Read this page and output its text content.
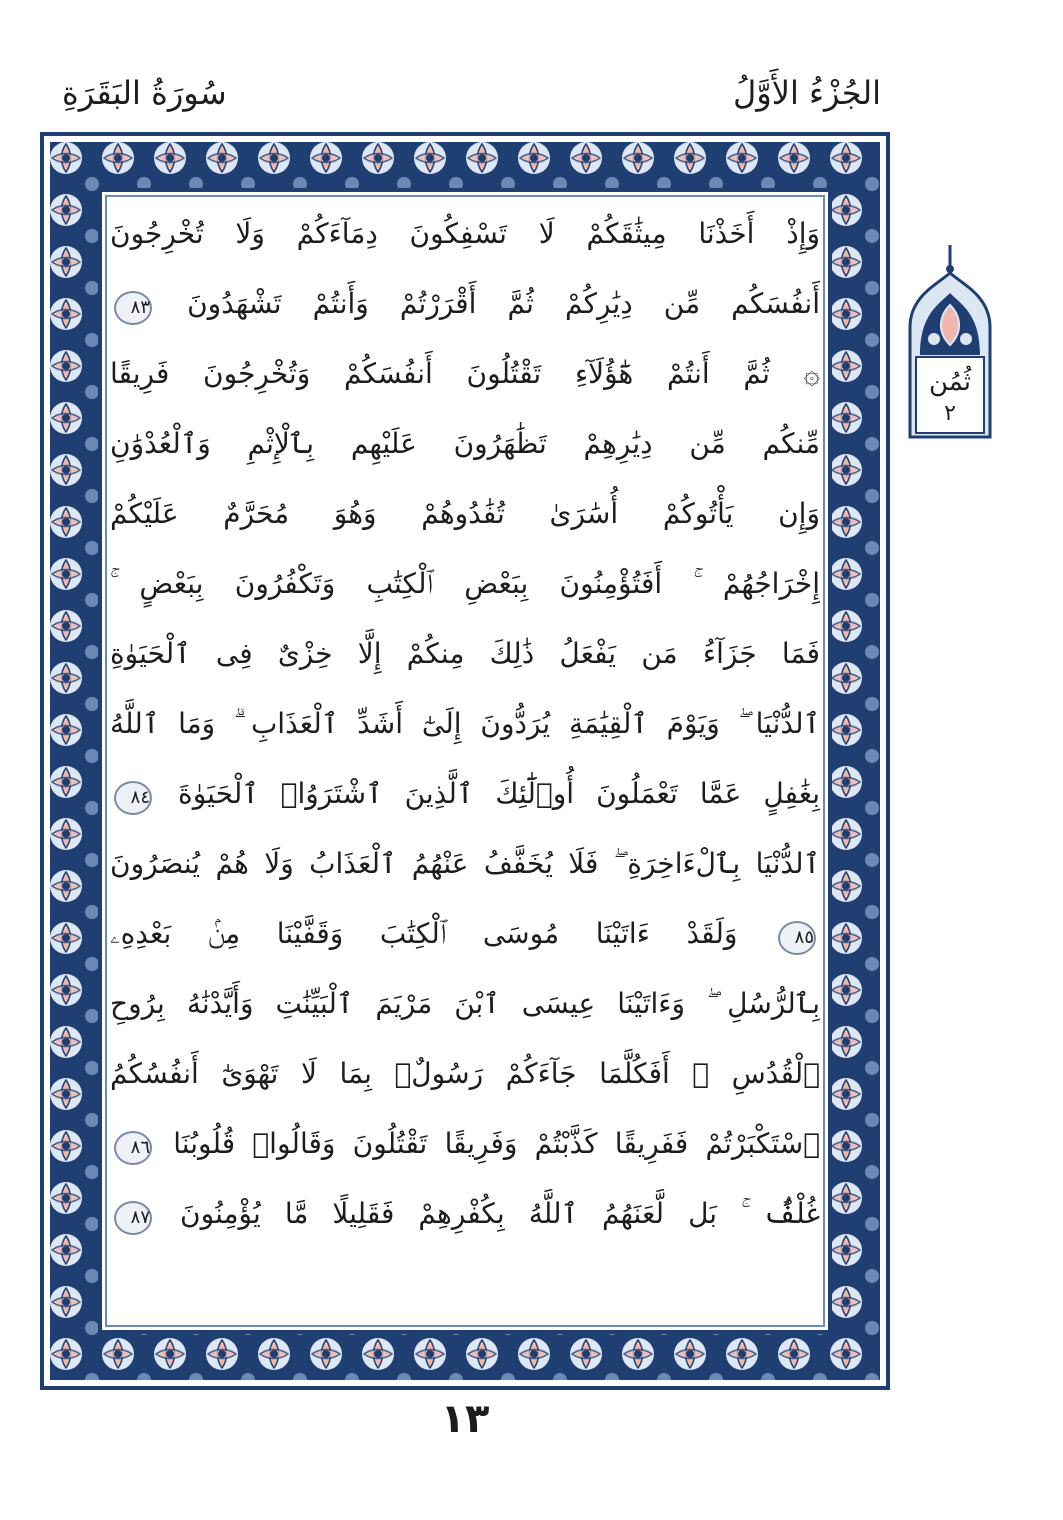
سُورَةُ البَقَرَةِ	الجُزْءُ الأَوَّلُ
وَإِذْ أَخَذْنَا مِيثَٰقَكُمْ لَا تَسْفِكُونَ دِمَآءَكُمْ وَلَا تُخْرِجُونَ
أَنفُسَكُم مِّن دِيَٰرِكُمْ ثُمَّ أَقْرَرْتُمْ وَأَنتُمْ تَشْهَدُونَ ٨٣
۞ ثُمَّ أَنتُمْ هَٰٓؤُلَآءِ تَقْتُلُونَ أَنفُسَكُمْ وَتُخْرِجُونَ فَرِيقًا
مِّنكُم مِّن دِيَٰرِهِمْ تَظَٰهَرُونَ عَلَيْهِم بِٱلْإِثْمِ وَٱلْعُدْوَٰنِ
وَإِن يَأْتُوكُمْ أُسَٰرَىٰ تُفَٰدُوهُمْ وَهُوَ مُحَرَّمٌ عَلَيْكُمْ
إِخْرَاجُهُمْ ۚ أَفَتُؤْمِنُونَ بِبَعْضِ ٱلْكِتَٰبِ وَتَكْفُرُونَ بِبَعْضٍ ۚ
فَمَا جَزَآءُ مَن يَفْعَلُ ذَٰلِكَ مِنكُمْ إِلَّا خِزْىٌ فِى ٱلْحَيَوٰةِ
ٱلدُّنْيَا ۖ وَيَوْمَ ٱلْقِيَٰمَةِ يُرَدُّونَ إِلَىٰٓ أَشَدِّ ٱلْعَذَابِ ۗ وَمَا ٱللَّهُ
بِغَٰفِلٍ عَمَّا تَعْمَلُونَ أُو۟لَٰٓئِكَ ٱلَّذِينَ ٱشْتَرَوُا۟ ٱلْحَيَوٰةَ ٨٤
ٱلدُّنْيَا بِٱلْءَاخِرَةِ ۖ فَلَا يُخَفَّفُ عَنْهُمُ ٱلْعَذَابُ وَلَا هُمْ يُنصَرُونَ
٨٥ وَلَقَدْ ءَاتَيْنَا مُوسَى ٱلْكِتَٰبَ وَقَفَّيْنَا مِنۢ بَعْدِهِۦ
بِٱلرُّسُلِ ۖ وَءَاتَيْنَا عِيسَى ٱبْنَ مَرْيَمَ ٱلْبَيِّنَٰتِ وَأَيَّدْنَٰهُ بِرُوحِ
ٱلْقُدُسِ ۗ أَفَكُلَّمَا جَآءَكُمْ رَسُولٌۢ بِمَا لَا تَهْوَىٰٓ أَنفُسُكُمُ
ٱسْتَكْبَرْتُمْ فَفَرِيقًا كَذَّبْتُمْ وَفَرِيقًا تَقْتُلُونَ وَقَالُوا۟ قُلُوبُنَا ٨٦
غُلْفٌۢ ۚ بَل لَّعَنَهُمُ ٱللَّهُ بِكُفْرِهِمْ فَقَلِيلًا مَّا يُؤْمِنُونَ ٨٧
ثُمُن
٢
١٣
